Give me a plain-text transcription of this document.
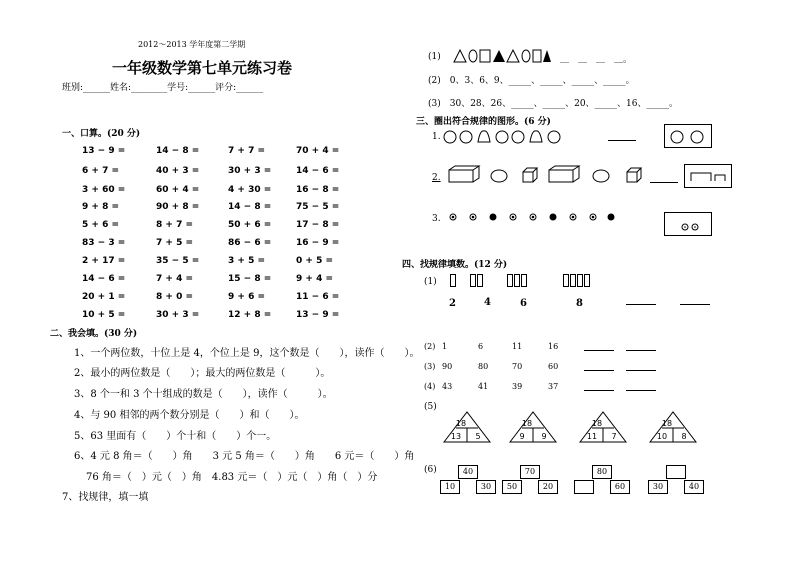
2012～2013 学年度第二学期
一年级数学第七单元练习卷
班别:______姓名:________学号:______评分:______
一、口算。(20 分)
13 − 9 =	14 − 8 =	7 + 7 =	70 + 4 =
6 + 7 =	40 + 3 =	30 + 3 =	14 − 6 =
3 + 60 =	60 + 4 =	4 + 30 =	16 − 8 =
9 + 8 =	90 + 8 =	14 − 8 =	75 − 5 =
5 + 6 =	8 + 7 =	50 + 6 =	17 − 8 =
83 − 3 =	7 + 5 =	86 − 6 =	16 − 9 =
2 + 17 =	35 − 5 =	3 + 5 =	0 + 5 =
14 − 6 =	7 + 4 =	15 − 8 =	9 + 4 =
20 + 1 =	8 + 0 =	9 + 6 =	11 − 6 =
10 + 5 =	30 + 3 =	12 + 8 =	13 − 9 =
二、我会填。(30 分)
1、一个两位数，十位上是 4，个位上是 9，这个数是（　　），读作（　　）。
2、最小的两位数是（　　）；最大的两位数是（　　　）。
3、8 个一和 3 个十组成的数是（　　），读作（　　　）。
4、与 90 相邻的两个数分别是（　　）和（　　）。
5、63 里面有（　　）个十和（　　）个一。
6、4 元 8 角＝（　　）角　　3 元 5 角＝（　　）角　　6 元＝（　　）角
76 角＝（　）元（　）角　4.83 元＝（　）元（　）角（　）分
7、找规律，填一填
(1)	＿　＿　＿　＿。
(2)　0、3、6、9、_____、_____、_____、_____。
(3)　30、28、26、_____、_____、20、_____、16、_____。
三、圈出符合规律的图形。(6 分)
1.
2.
3.
四、找规律填数。(12 分)
(1)
2	4	6	8
(2) 1	6	11	16
(3) 90	80	70	60
(4) 43	41	39	37
(5)
18
13 5
18
9 9
18
11 7
18
10 8
(6)	40
10	30
70
50	20
80
60	30	40
